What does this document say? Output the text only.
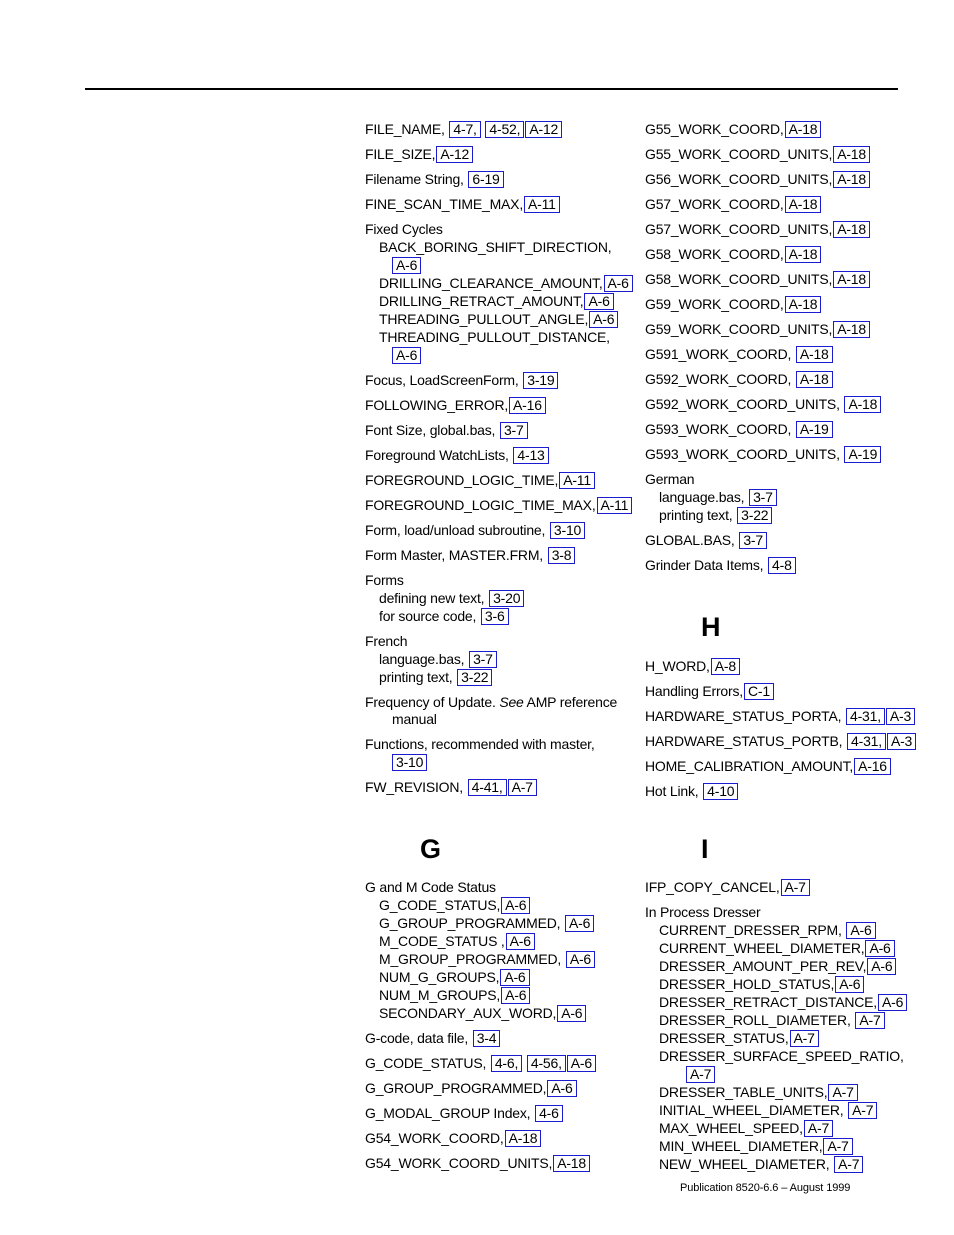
FILE_NAME, 4-7, 4-52, A-12
FILE_SIZE, A-12
Filename String, 6-19
FINE_SCAN_TIME_MAX, A-11
Fixed Cycles
BACK_BORING_SHIFT_DIRECTION,
A-6
DRILLING_CLEARANCE_AMOUNT, A-6
DRILLING_RETRACT_AMOUNT, A-6
THREADING_PULLOUT_ANGLE, A-6
THREADING_PULLOUT_DISTANCE,
A-6
Focus, LoadScreenForm, 3-19
FOLLOWING_ERROR, A-16
Font Size, global.bas, 3-7
Foreground WatchLists, 4-13
FOREGROUND_LOGIC_TIME, A-11
FOREGROUND_LOGIC_TIME_MAX, A-11
Form, load/unload subroutine, 3-10
Form Master, MASTER.FRM, 3-8
Forms
defining new text, 3-20
for source code, 3-6
French
language.bas, 3-7
printing text, 3-22
Frequency of Update. See AMP reference
manual
Functions, recommended with master,
3-10
FW_REVISION, 4-41, A-7
G
G and M Code Status
G_CODE_STATUS, A-6
G_GROUP_PROGRAMMED, A-6
M_CODE_STATUS , A-6
M_GROUP_PROGRAMMED, A-6
NUM_G_GROUPS, A-6
NUM_M_GROUPS, A-6
SECONDARY_AUX_WORD, A-6
G-code, data file, 3-4
G_CODE_STATUS, 4-6, 4-56, A-6
G_GROUP_PROGRAMMED, A-6
G_MODAL_GROUP Index, 4-6
G54_WORK_COORD, A-18
G54_WORK_COORD_UNITS, A-18
G55_WORK_COORD, A-18
G55_WORK_COORD_UNITS, A-18
G56_WORK_COORD_UNITS, A-18
G57_WORK_COORD, A-18
G57_WORK_COORD_UNITS, A-18
G58_WORK_COORD, A-18
G58_WORK_COORD_UNITS, A-18
G59_WORK_COORD, A-18
G59_WORK_COORD_UNITS, A-18
G591_WORK_COORD, A-18
G592_WORK_COORD, A-18
G592_WORK_COORD_UNITS, A-18
G593_WORK_COORD, A-19
G593_WORK_COORD_UNITS, A-19
German
language.bas, 3-7
printing text, 3-22
GLOBAL.BAS, 3-7
Grinder Data Items, 4-8
H
H_WORD, A-8
Handling Errors, C-1
HARDWARE_STATUS_PORTA, 4-31, A-3
HARDWARE_STATUS_PORTB, 4-31, A-3
HOME_CALIBRATION_AMOUNT, A-16
Hot Link, 4-10
I
IFP_COPY_CANCEL, A-7
In Process Dresser
CURRENT_DRESSER_RPM, A-6
CURRENT_WHEEL_DIAMETER, A-6
DRESSER_AMOUNT_PER_REV, A-6
DRESSER_HOLD_STATUS, A-6
DRESSER_RETRACT_DISTANCE, A-6
DRESSER_ROLL_DIAMETER, A-7
DRESSER_STATUS, A-7
DRESSER_SURFACE_SPEED_RATIO,
A-7
DRESSER_TABLE_UNITS, A-7
INITIAL_WHEEL_DIAMETER, A-7
MAX_WHEEL_SPEED, A-7
MIN_WHEEL_DIAMETER, A-7
NEW_WHEEL_DIAMETER, A-7
Publication 8520-6.6 – August 1999
